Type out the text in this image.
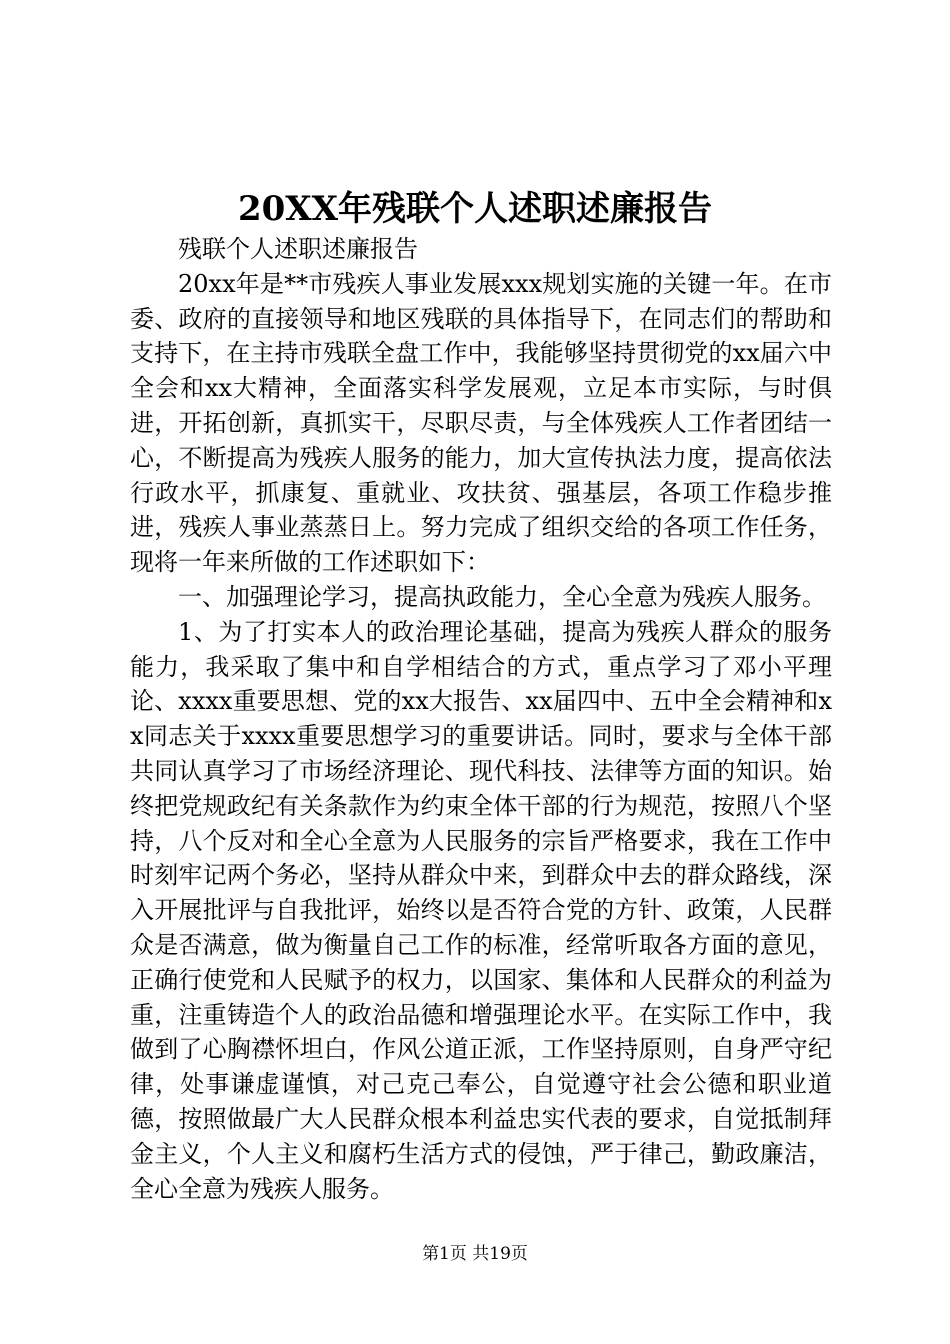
20XX年残联个人述职述廉报告

残联个人述职述廉报告

20xx年是**市残疾人事业发展xxx规划实施的关键一年。在市委、政府的直接领导和地区残联的具体指导下，在同志们的帮助和支持下，在主持市残联全盘工作中，我能够坚持贯彻党的xx届六中全会和xx大精神，全面落实科学发展观，立足本市实际，与时俱进，开拓创新，真抓实干，尽职尽责，与全体残疾人工作者团结一心，不断提高为残疾人服务的能力，加大宣传执法力度，提高依法行政水平，抓康复、重就业、攻扶贫、强基层，各项工作稳步推进，残疾人事业蒸蒸日上。努力完成了组织交给的各项工作任务，现将一年来所做的工作述职如下：

一、加强理论学习，提高执政能力，全心全意为残疾人服务。

1、为了打实本人的政治理论基础，提高为残疾人群众的服务能力，我采取了集中和自学相结合的方式，重点学习了邓小平理论、xxxx重要思想、党的xx大报告、xx届四中、五中全会精神和xx同志关于xxxx重要思想学习的重要讲话。同时，要求与全体干部共同认真学习了市场经济理论、现代科技、法律等方面的知识。始终把党规政纪有关条款作为约束全体干部的行为规范，按照八个坚持，八个反对和全心全意为人民服务的宗旨严格要求，我在工作中时刻牢记两个务必，坚持从群众中来，到群众中去的群众路线，深入开展批评与自我批评，始终以是否符合党的方针、政策，人民群众是否满意，做为衡量自己工作的标准，经常听取各方面的意见，正确行使党和人民赋予的权力，以国家、集体和人民群众的利益为重，注重铸造个人的政治品德和增强理论水平。在实际工作中，我做到了心胸襟怀坦白，作风公道正派，工作坚持原则，自身严守纪律，处事谦虚谨慎，对己克己奉公，自觉遵守社会公德和职业道德，按照做最广大人民群众根本利益忠实代表的要求，自觉抵制拜金主义，个人主义和腐朽生活方式的侵蚀，严于律己，勤政廉洁，全心全意为残疾人服务。

第1页 共19页
